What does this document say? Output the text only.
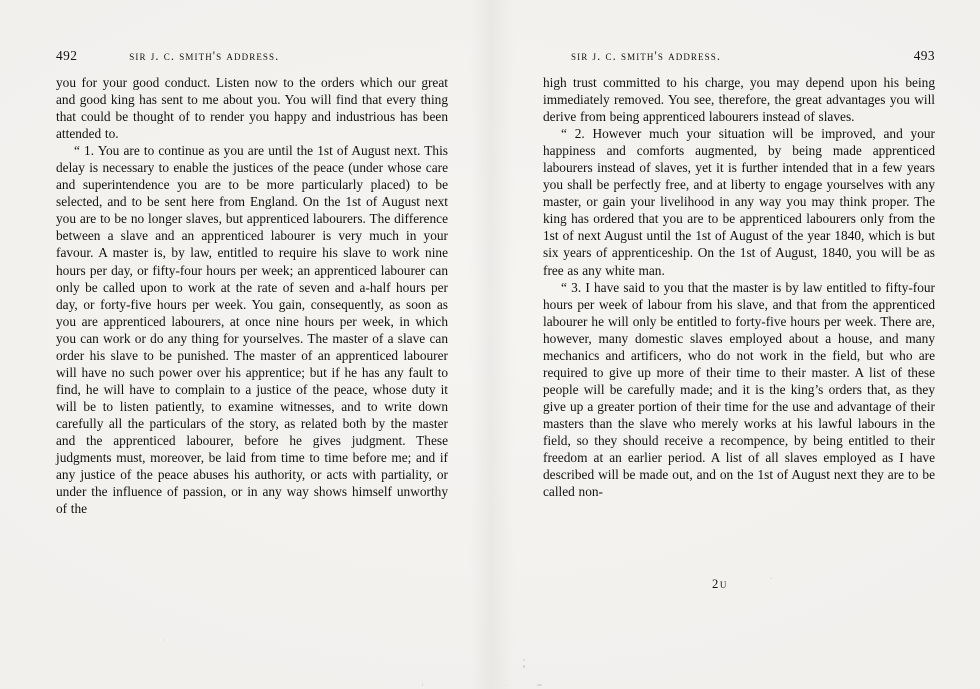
492	sir j. c. smith's address.

you for your good conduct. Listen now to the orders which our great and good king has sent to me about you. You will find that every thing that could be thought of to render you happy and industrious has been attended to.

“ 1. You are to continue as you are until the 1st of August next. This delay is necessary to enable the justices of the peace (under whose care and superintendence you are to be more particularly placed) to be selected, and to be sent here from England. On the 1st of August next you are to be no longer slaves, but apprenticed labourers. The difference between a slave and an apprenticed labourer is very much in your favour. A master is, by law, entitled to require his slave to work nine hours per day, or fifty-four hours per week; an apprenticed labourer can only be called upon to work at the rate of seven and a-half hours per day, or forty-five hours per week. You gain, consequently, as soon as you are apprenticed labourers, at once nine hours per week, in which you can work or do any thing for yourselves. The master of a slave can order his slave to be punished. The master of an apprenticed labourer will have no such power over his apprentice; but if he has any fault to find, he will have to complain to a justice of the peace, whose duty it will be to listen patiently, to examine witnesses, and to write down carefully all the particulars of the story, as related both by the master and the apprenticed labourer, before he gives judgment. These judgments must, moreover, be laid from time to time before me; and if any justice of the peace abuses his authority, or acts with partiality, or under the influence of passion, or in any way shows himself unworthy of the

sir j. c. smith's address.	493

high trust committed to his charge, you may depend upon his being immediately removed. You see, therefore, the great advantages you will derive from being apprenticed labourers instead of slaves.

“ 2. However much your situation will be improved, and your happiness and comforts augmented, by being made apprenticed labourers instead of slaves, yet it is further intended that in a few years you shall be perfectly free, and at liberty to engage yourselves with any master, or gain your livelihood in any way you may think proper. The king has ordered that you are to be apprenticed labourers only from the 1st of next August until the 1st of August of the year 1840, which is but six years of apprenticeship. On the 1st of August, 1840, you will be as free as any white man.

“ 3. I have said to you that the master is by law entitled to fifty-four hours per week of labour from his slave, and that from the apprenticed labourer he will only be entitled to forty-five hours per week. There are, however, many domestic slaves employed about a house, and many mechanics and artificers, who do not work in the field, but who are required to give up more of their time to their master. A list of these people will be carefully made; and it is the king’s orders that, as they give up a greater portion of their time for the use and advantage of their masters than the slave who merely works at his lawful labours in the field, so they should receive a recompence, by being entitled to their freedom at an earlier period. A list of all slaves employed as I have described will be made out, and on the 1st of August next they are to be called non-

2u
